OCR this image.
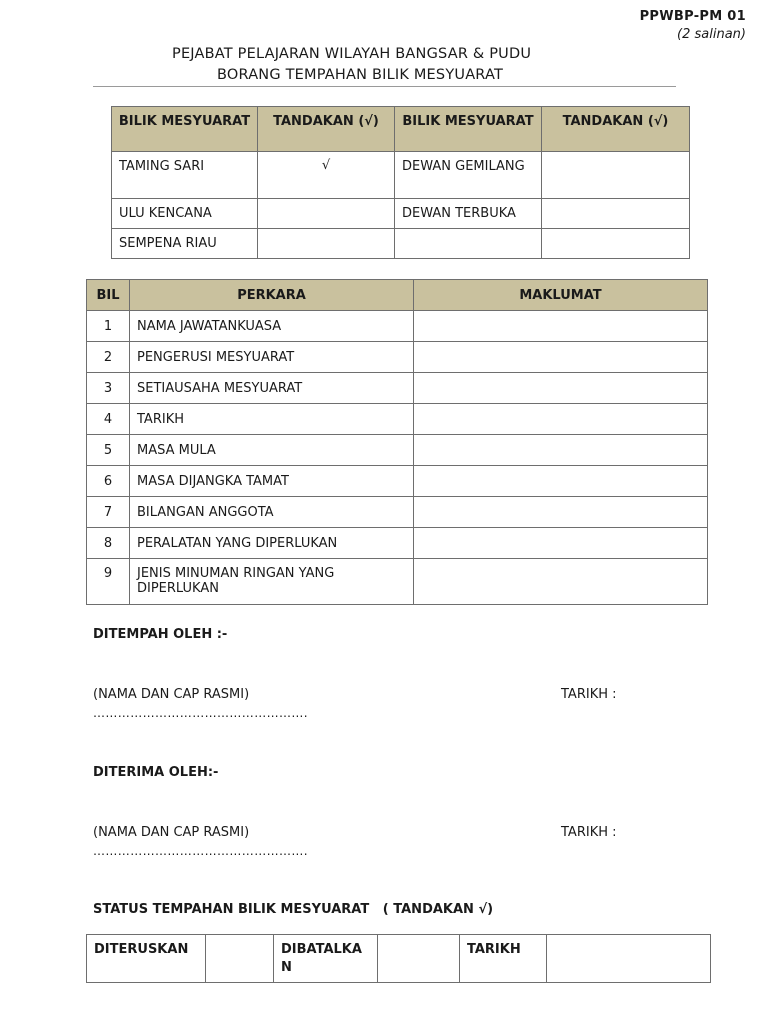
PPWBP-PM 01
(2 salinan)
PEJABAT PELAJARAN WILAYAH BANGSAR & PUDU
BORANG TEMPAHAN BILIK MESYUARAT
BILIK MESYUARAT	TANDAKAN (√)	BILIK MESYUARAT	TANDAKAN (√)
TAMING SARI	√	DEWAN GEMILANG	
ULU KENCANA		DEWAN TERBUKA	
SEMPENA RIAU			
BIL	PERKARA	MAKLUMAT
1	NAMA JAWATANKUASA	
2	PENGERUSI MESYUARAT	
3	SETIAUSAHA MESYUARAT	
4	TARIKH	
5	MASA MULA	
6	MASA DIJANGKA TAMAT	
7	BILANGAN ANGGOTA	
8	PERALATAN YANG DIPERLUKAN	
9	JENIS MINUMAN RINGAN YANG DIPERLUKAN	
DITEMPAH OLEH :-
(NAMA DAN CAP RASMI)	TARIKH :
…………………………………………….
DITERIMA OLEH:-
(NAMA DAN CAP RASMI)	TARIKH :
…………………………………………….
STATUS TEMPAHAN BILIK MESYUARAT   ( TANDAKAN √)
DITERUSKAN		DIBATALKA N		TARIKH	
